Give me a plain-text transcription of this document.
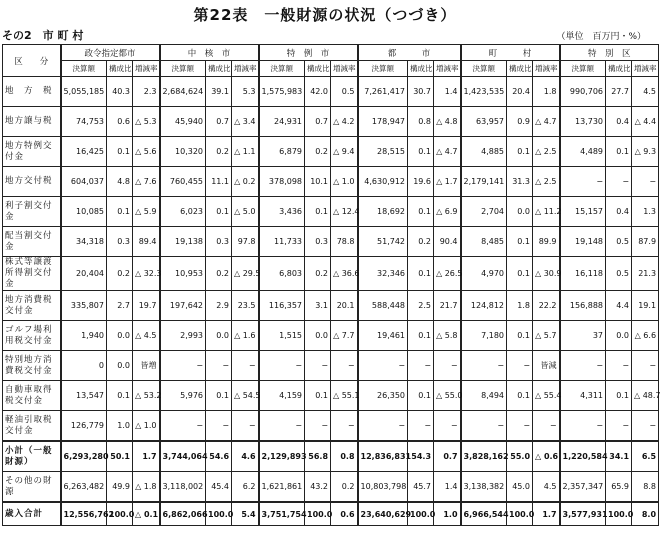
第22表　一般財源の状況（つづき）
その2　市 町 村	（単位　百万円・%）
区　　分	政令指定都市			中　核　市			特　例　市			都　　　市			町　　　村			特　別　区		
	決算額	構成比	増減率	決算額	構成比	増減率	決算額	構成比	増減率	決算額	構成比	増減率	決算額	構成比	増減率	決算額	構成比	増減率
地　方　税	5,055,185	40.3	2.3	2,684,624	39.1	5.3	1,575,983	42.0	0.5	7,261,417	30.7	1.4	1,423,535	20.4	1.8	990,706	27.7	4.5
地方譲与税	74,753	0.6	△ 5.3	45,940	0.7	△ 3.4	24,931	0.7	△ 4.2	178,947	0.8	△ 4.8	63,957	0.9	△ 4.7	13,730	0.4	△ 4.4
地方特例交付金	16,425	0.1	△ 5.6	10,320	0.2	△ 1.1	6,879	0.2	△ 9.4	28,515	0.1	△ 4.7	4,885	0.1	△ 2.5	4,489	0.1	△ 9.3
地方交付税	604,037	4.8	△ 7.6	760,455	11.1	△ 0.2	378,098	10.1	△ 1.0	4,630,912	19.6	△ 1.7	2,179,141	31.3	△ 2.5	−	−	−
利子割交付金	10,085	0.1	△ 5.9	6,023	0.1	△ 5.0	3,436	0.1	△ 12.4	18,692	0.1	△ 6.9	2,704	0.0	△ 11.2	15,157	0.4	1.3
配当割交付金	34,318	0.3	89.4	19,138	0.3	97.8	11,733	0.3	78.8	51,742	0.2	90.4	8,485	0.1	89.9	19,148	0.5	87.9
株式等譲渡所得割交付金	20,404	0.2	△ 32.3	10,953	0.2	△ 29.5	6,803	0.2	△ 36.6	32,346	0.1	△ 26.5	4,970	0.1	△ 30.9	16,118	0.5	21.3
地方消費税交付金	335,807	2.7	19.7	197,642	2.9	23.5	116,357	3.1	20.1	588,448	2.5	21.7	124,812	1.8	22.2	156,888	4.4	19.1
ゴルフ場利用税交付金	1,940	0.0	△ 4.5	2,993	0.0	△ 1.6	1,515	0.0	△ 7.7	19,461	0.1	△ 5.8	7,180	0.1	△ 5.7	37	0.0	△ 6.6
特別地方消費税交付金	0	0.0	皆増	−	−	−	−	−	−	−	−	−	−	−	皆減	−	−	−
自動車取得税交付金	13,547	0.1	△ 53.2	5,976	0.1	△ 54.5	4,159	0.1	△ 55.1	26,350	0.1	△ 55.0	8,494	0.1	△ 55.4	4,311	0.1	△ 48.7
軽油引取税交付金	126,779	1.0	△ 1.0	−	−	−	−	−	−	−	−	−	−	−	−	−	−	−
小計（一般財源）	6,293,280	50.1	1.7	3,744,064	54.6	4.6	2,129,893	56.8	0.8	12,836,831	54.3	0.7	3,828,162	55.0	△ 0.6	1,220,584	34.1	6.5
その他の財源	6,263,482	49.9	△ 1.8	3,118,002	45.4	6.2	1,621,861	43.2	0.2	10,803,798	45.7	1.4	3,138,382	45.0	4.5	2,357,347	65.9	8.8
歳入合計	12,556,762	100.0	△ 0.1	6,862,066	100.0	5.4	3,751,754	100.0	0.6	23,640,629	100.0	1.0	6,966,544	100.0	1.7	3,577,931	100.0	8.0
